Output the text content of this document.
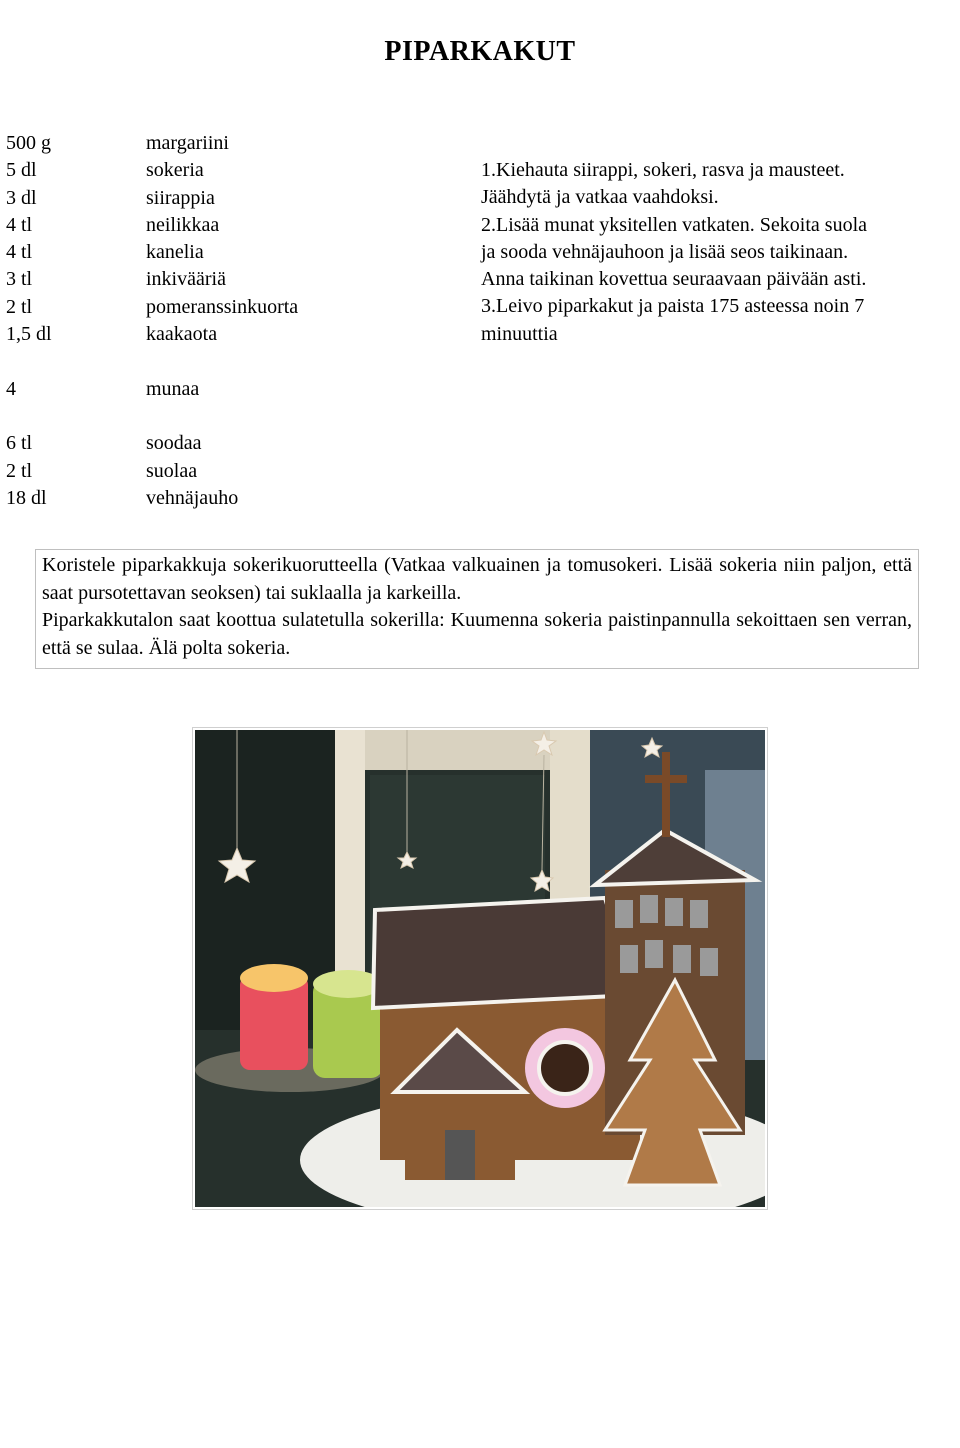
PIPARKAKUT
500 g	margariini
5 dl	sokeria
3 dl	siirappia
4 tl	neilikkaa
4 tl	kanelia
3 tl	inkivääriä
2 tl	pomeranssinkuorta
1,5 dl	kaakaota
4	munaa
6 tl	soodaa
2 tl	suolaa
18 dl	vehnäjauho
1.Kiehauta siirappi, sokeri, rasva ja mausteet.
Jäähdytä ja vatkaa vaahdoksi.
2.Lisää munat yksitellen vatkaten. Sekoita suola
ja sooda vehnäjauhoon ja lisää seos taikinaan.
Anna taikinan kovettua seuraavaan päivään asti.
3.Leivo piparkakut ja paista 175 asteessa noin 7
minuuttia
Koristele piparkakkuja sokerikuorutteella (Vatkaa valkuainen ja tomusokeri. Lisää sokeria niin paljon, että saat pursotettavan seoksen) tai suklaalla ja karkeilla.
Piparkakkutalon saat koottua sulatetulla sokerilla: Kuumenna sokeria paistinpannulla sekoittaen sen verran, että se sulaa. Älä polta sokeria.
